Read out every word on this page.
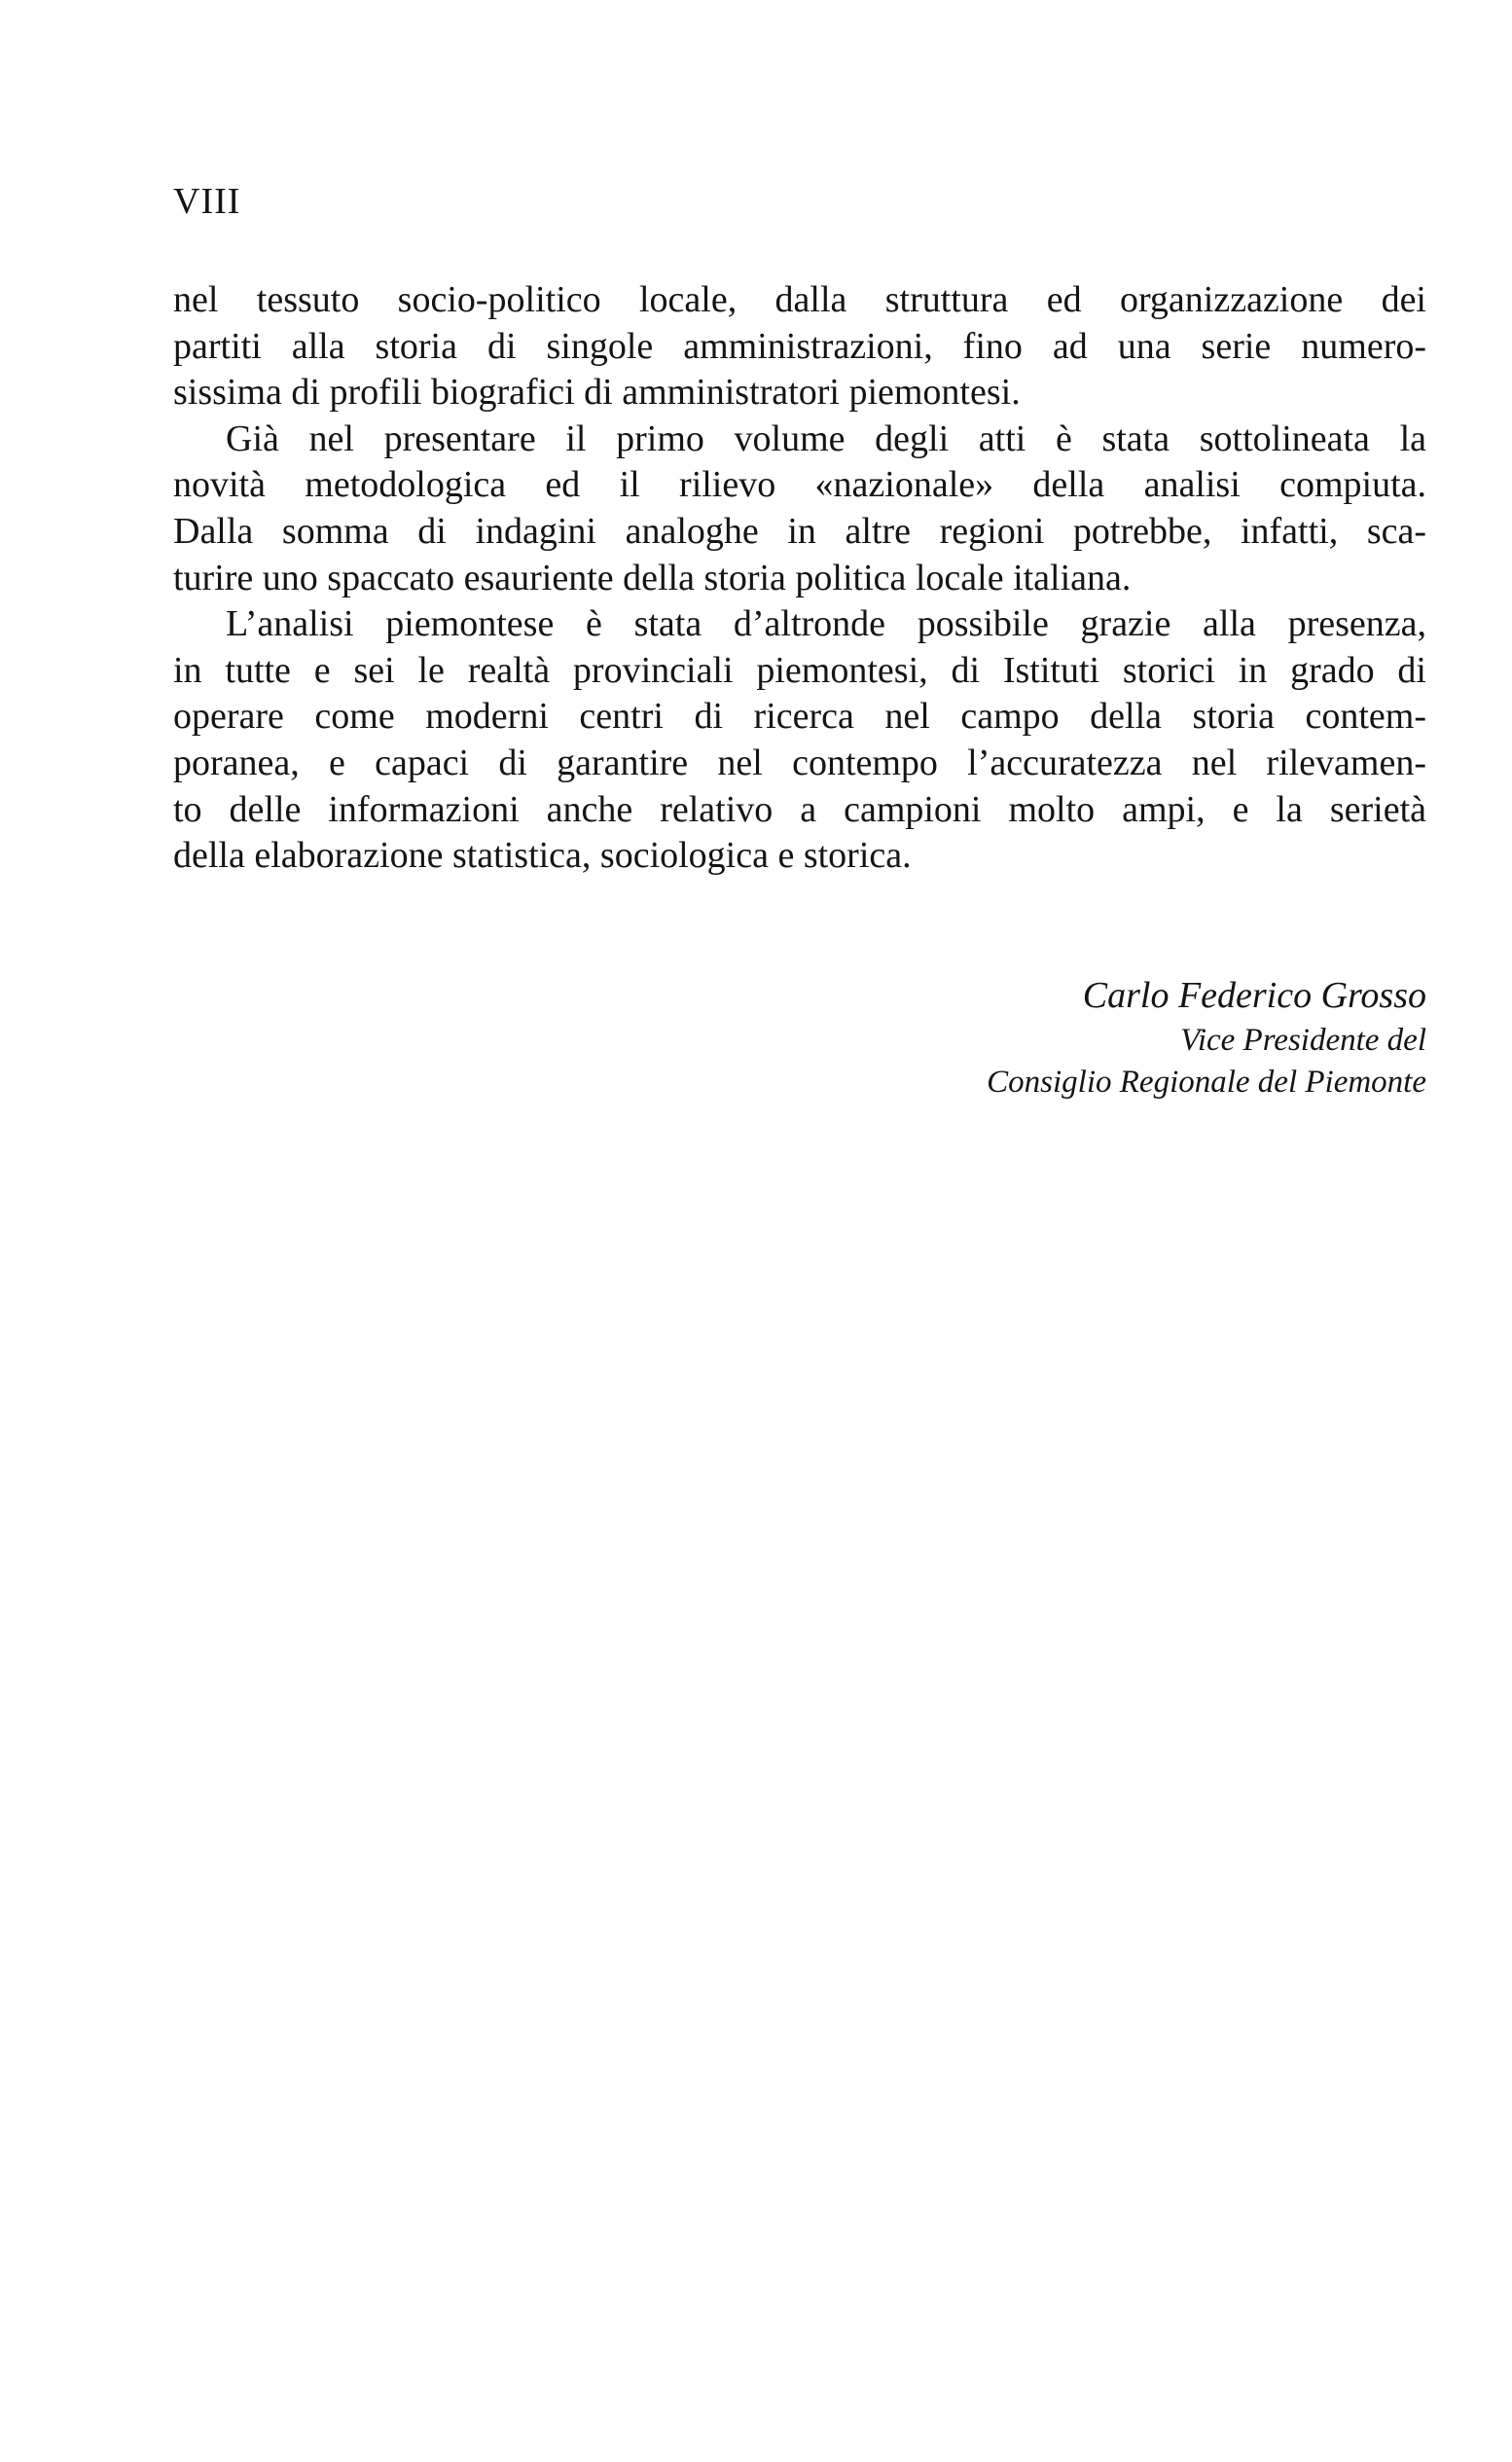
VIII
nel tessuto socio-politico locale, dalla struttura ed organizzazione dei
partiti alla storia di singole amministrazioni, fino ad una serie numero-
sissima di profili biografici di amministratori piemontesi.
Già nel presentare il primo volume degli atti è stata sottolineata la
novità metodologica ed il rilievo «nazionale» della analisi compiuta.
Dalla somma di indagini analoghe in altre regioni potrebbe, infatti, sca-
turire uno spaccato esauriente della storia politica locale italiana.
L’analisi piemontese è stata d’altronde possibile grazie alla presenza,
in tutte e sei le realtà provinciali piemontesi, di Istituti storici in grado di
operare come moderni centri di ricerca nel campo della storia contem-
poranea, e capaci di garantire nel contempo l’accuratezza nel rilevamen-
to delle informazioni anche relativo a campioni molto ampi, e la serietà
della elaborazione statistica, sociologica e storica.
Carlo Federico Grosso
Vice Presidente del
Consiglio Regionale del Piemonte
